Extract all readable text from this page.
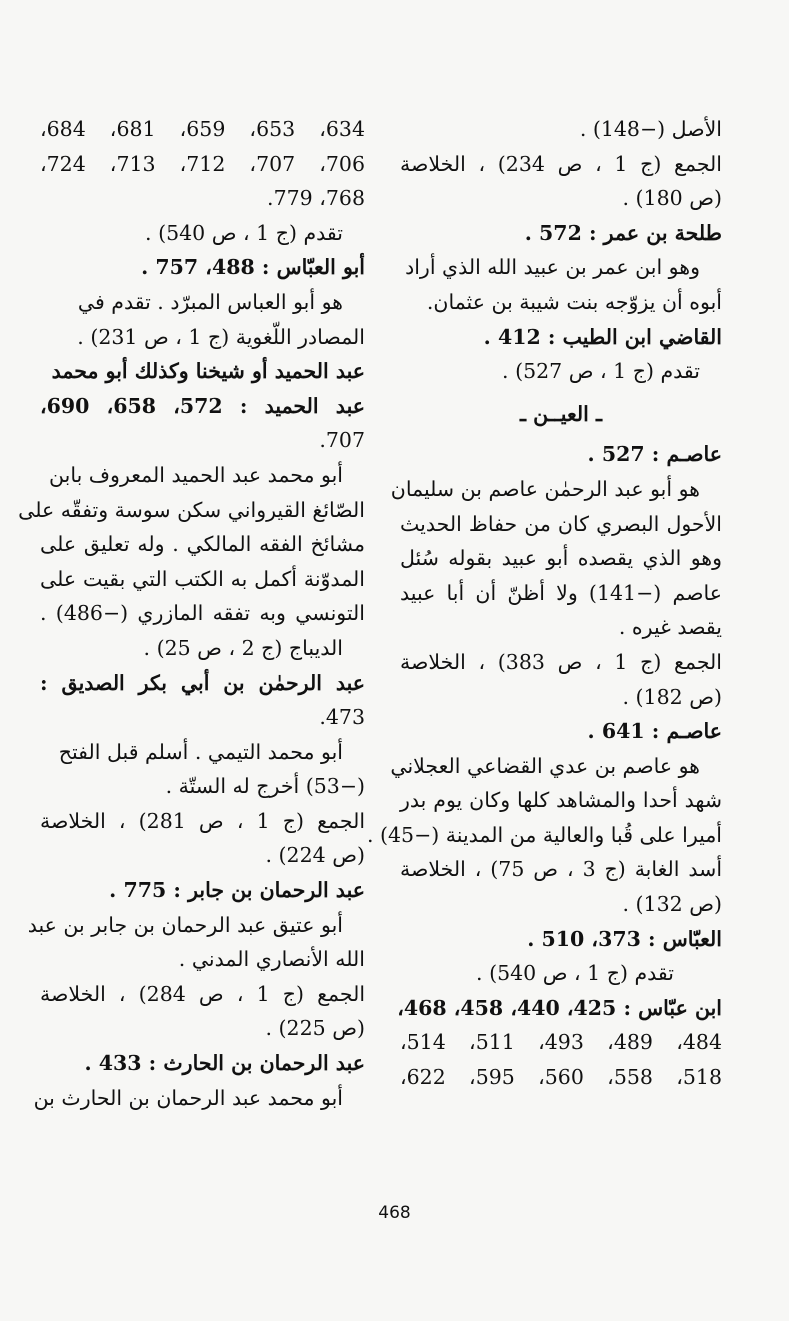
الأصل (−148) .
الجمع (ج 1 ، ص 234) ، الخلاصة
(ص 180) .
طلحة بن عمر : 572 .
وهو ابن عمر بن عبيد الله الذي أراد
أبوه أن يزوّجه بنت شيبة بن عثمان.
القاضي ابن الطيب : 412 .
تقدم (ج 1 ، ص 527) .
ـ العيــن ـ
عاصـم : 527 .
هو أبو عبد الرحمٰن عاصم بن سليمان
الأحول البصري كان من حفاظ الحديث
وهو الذي يقصده أبو عبيد بقوله سُئل
عاصم (−141) ولا أظنّ أن أبا عبيد
يقصد غيره .
الجمع (ج 1 ، ص 383) ، الخلاصة
(ص 182) .
عاصـم : 641 .
هو عاصم بن عدي القضاعي العجلاني
شهد أحدا والمشاهد كلها وكان يوم بدر
أميرا على قُبا والعالية من المدينة (−45) .
أسد الغابة (ج 3 ، ص 75) ، الخلاصة
(ص 132) .
العبّاس : 373، 510 .
تقدم (ج 1 ، ص 540) .
ابن عبّاس : 425، 440، 458، 468،
484، 489، 493، 511، 514،
518، 558، 560، 595، 622،
634، 653، 659، 681، 684،
706، 707، 712، 713، 724،
768، 779.
تقدم (ج 1 ، ص 540) .
أبو العبّاس : 488، 757 .
هو أبو العباس المبرّد . تقدم في
المصادر اللّغوية (ج 1 ، ص 231) .
عبد الحميد أو شيخنا وكذلك أبو محمد
عبد الحميد : 572، 658، 690،
707.
أبو محمد عبد الحميد المعروف بابن
الصّائغ القيرواني سكن سوسة وتفقّه على
مشائخ الفقه المالكي . وله تعليق على
المدوّنة أكمل به الكتب التي بقيت على
التونسي وبه تفقه المازري (−486) .
الديباج (ج 2 ، ص 25) .
عبد الرحمٰن بن أبي بكر الصديق :
473.
أبو محمد التيمي . أسلم قبل الفتح
(−53) أخرج له الستّة .
الجمع (ج 1 ، ص 281) ، الخلاصة
(ص 224) .
عبد الرحمان بن جابر : 775 .
أبو عتيق عبد الرحمان بن جابر بن عبد
الله الأنصاري المدني .
الجمع (ج 1 ، ص 284) ، الخلاصة
(ص 225) .
عبد الرحمان بن الحارث : 433 .
أبو محمد عبد الرحمان بن الحارث بن
468
